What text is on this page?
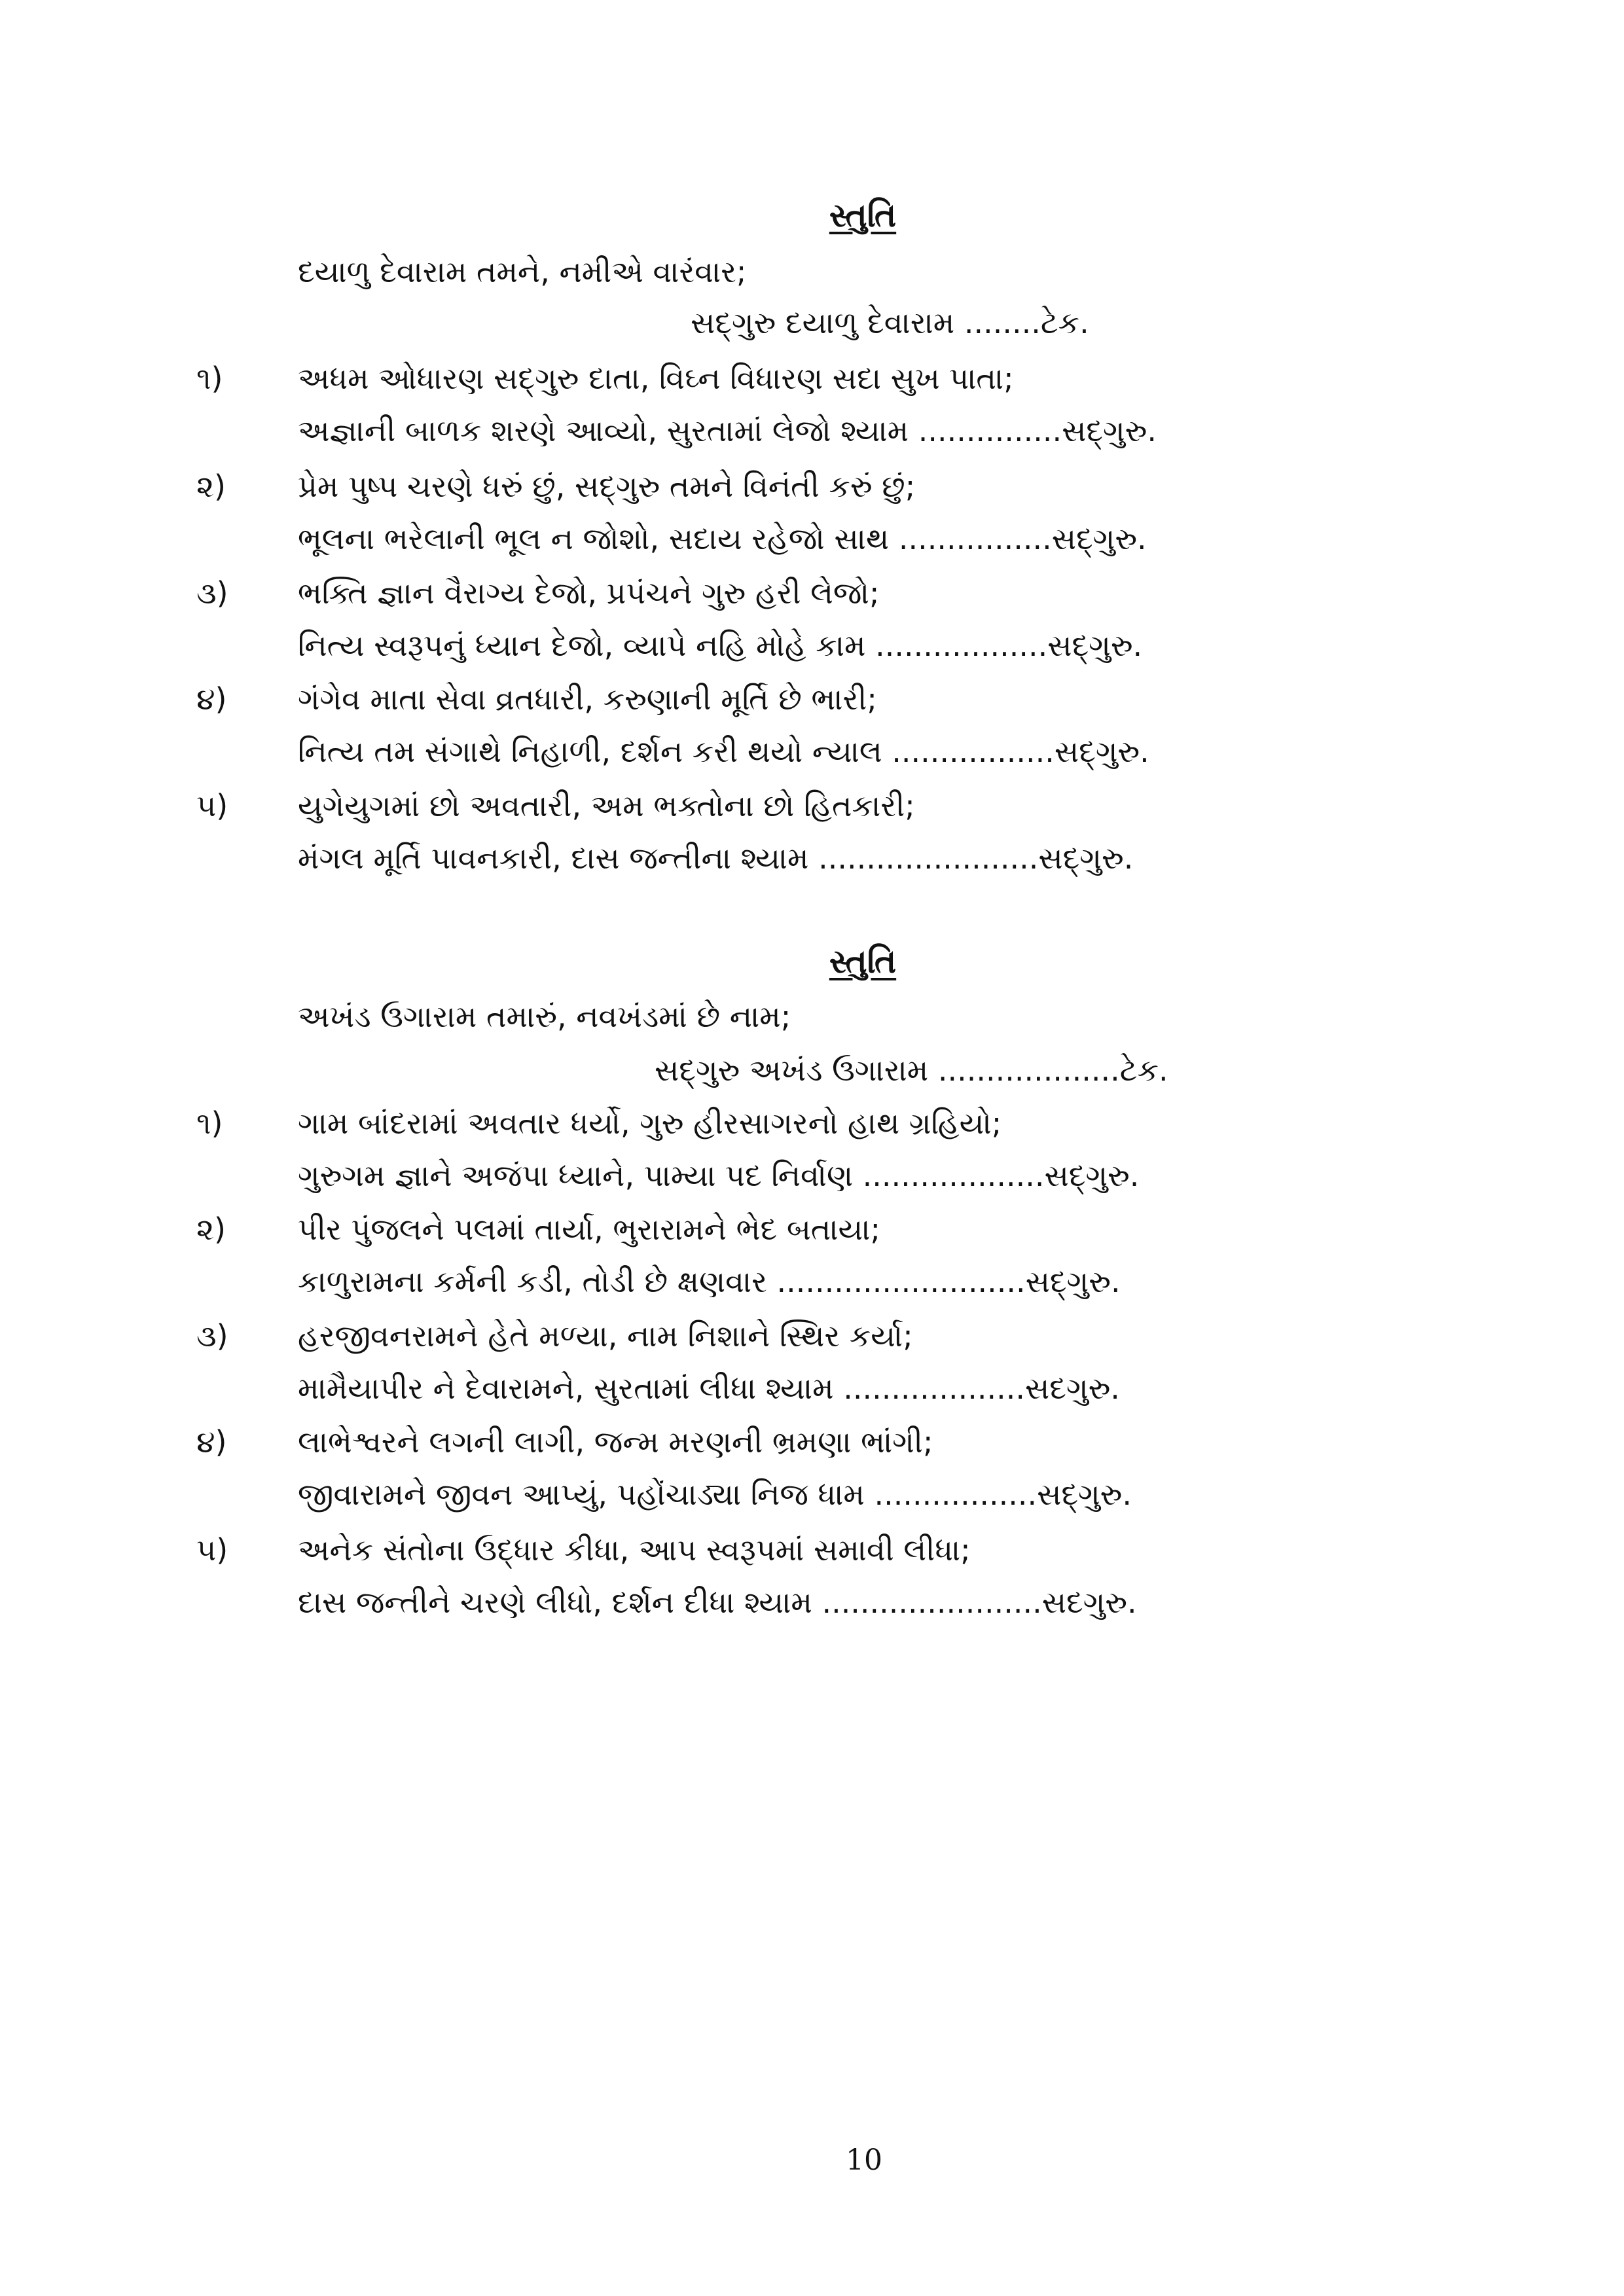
સ્તુતિ
દયાળુ દેવારામ તમને, નમીએ વારંવાર;
સદ્‍ગુરુ દયાળુ દેવારામ ........ટેક.
૧) અધમ ઓધારણ સદ્‍ગુરુ દાતા, વિઘ્ન વિધારણ સદા સુખ પાતા;
અજ્ઞાની બાળક શરણે આવ્યો, સુરતામાં લેજો શ્યામ ...............સદ્‍ગુરુ.
૨) પ્રેમ પુષ્પ ચરણે ધરું છું, સદ્‍ગુરુ તમને વિનંતી કરું છું;
ભૂલના ભરેલાની ભૂલ ન જોશો, સદાય રહેજો સાથ ................સદ્‍ગુરુ.
૩) ભક્તિ જ્ઞાન વૈરાગ્ય દેજો, પ્રપંચને ગુરુ હરી લેજો;
નિત્ય સ્વરૂપનું ધ્યાન દેજો, વ્યાપે નહિ મોહે કામ ..................સદ્‍ગુરુ.
૪) ગંગેવ માતા સેવા વ્રતધારી, કરુણાની મૂર્તિ છે ભારી;
નિત્ય તમ સંગાથે નિહાળી, દર્શન કરી થયો ન્યાલ .................સદ્‍ગુરુ.
૫) યુગેયુગમાં છો અવતારી, અમ ભક્તોના છો હિતકારી;
મંગલ મૂર્તિ પાવનકારી, દાસ જન્તીના શ્યામ .......................સદ્‍ગુરુ.
સ્તુતિ
અખંડ ઉગારામ તમારું, નવખંડમાં છે નામ;
સદ્‍ગુરુ અખંડ ઉગારામ ...................ટેક.
૧) ગામ બાંદરામાં અવતાર ધર્યો, ગુરુ હીરસાગરનો હાથ ગ્રહિયો;
ગુરુગમ જ્ઞાને અજંપા ધ્યાને, પામ્યા પદ નિર્વાણ ...................સદ્‍ગુરુ.
૨) પીર પુંજલને પલમાં તાર્યા, ભુરારામને ભેદ બતાયા;
કાળુરામના કર્મની કડી, તોડી છે ક્ષણવાર ..........................સદ્‍ગુરુ.
૩) હરજીવનરામને હેતે મળ્યા, નામ નિશાને સ્થિર કર્યા;
મામૈયાપીર ને દેવારામને, સુરતામાં લીધા શ્યામ ...................સદગુરુ.
૪) લાભેશ્વરને લગની લાગી, જન્મ મરણની ભ્રમણા ભાંગી;
જીવારામને જીવન આપ્યું, પહોંચાડ્યા નિજ ધામ .................સદ્‍ગુરુ.
૫) અનેક સંતોના ઉદ્ધાર કીધા, આપ સ્વરૂપમાં સમાવી લીધા;
દાસ જન્તીને ચરણે લીધો, દર્શન દીધા શ્યામ .......................સદગુરુ.
10
